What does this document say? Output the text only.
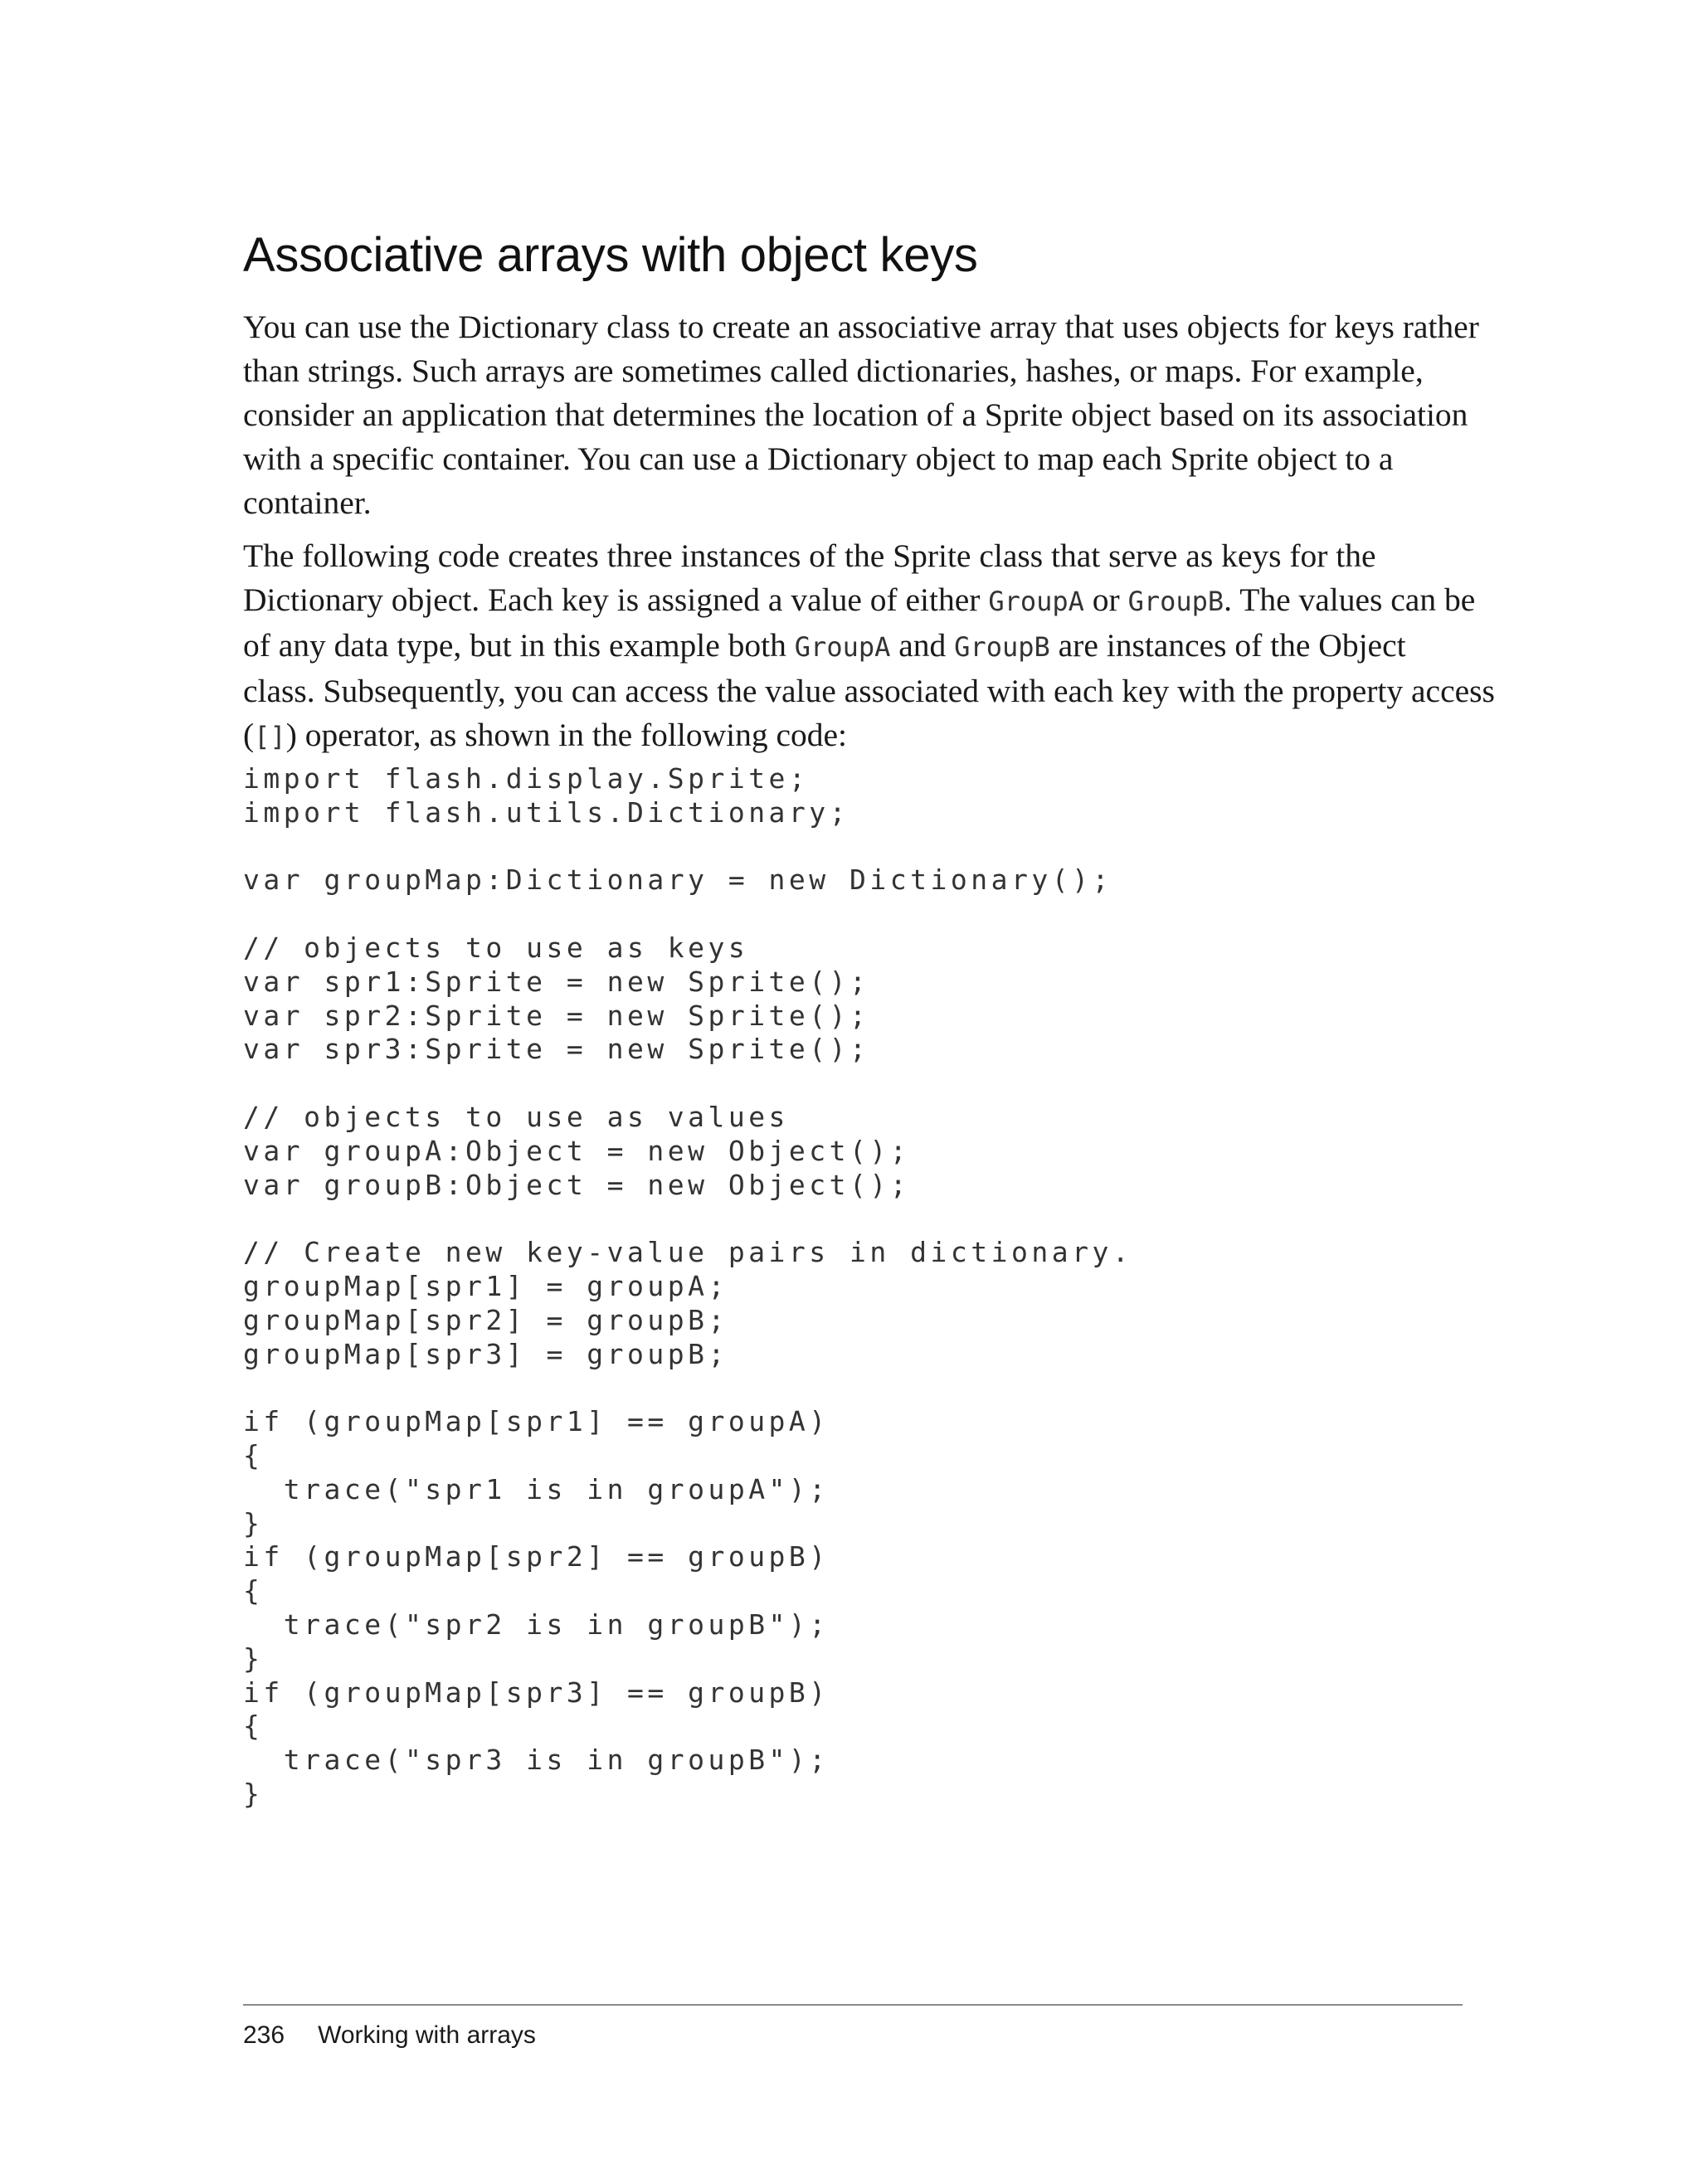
Associative arrays with object keys

You can use the Dictionary class to create an associative array that uses objects for keys rather
than strings. Such arrays are sometimes called dictionaries, hashes, or maps. For example,
consider an application that determines the location of a Sprite object based on its association
with a specific container. You can use a Dictionary object to map each Sprite object to a
container.

The following code creates three instances of the Sprite class that serve as keys for the
Dictionary object. Each key is assigned a value of either GroupA or GroupB. The values can be
of any data type, but in this example both GroupA and GroupB are instances of the Object
class. Subsequently, you can access the value associated with each key with the property access
([]) operator, as shown in the following code:

import flash.display.Sprite;
import flash.utils.Dictionary;
var groupMap:Dictionary = new Dictionary();
// objects to use as keys
var spr1:Sprite = new Sprite();
var spr2:Sprite = new Sprite();
var spr3:Sprite = new Sprite();
// objects to use as values
var groupA:Object = new Object();
var groupB:Object = new Object();
// Create new key-value pairs in dictionary.
groupMap[spr1] = groupA;
groupMap[spr2] = groupB;
groupMap[spr3] = groupB;
if (groupMap[spr1] == groupA)
{
trace("spr1 is in groupA");
}
if (groupMap[spr2] == groupB)
{
trace("spr2 is in groupB");
}
if (groupMap[spr3] == groupB)
{
trace("spr3 is in groupB");
}
236 Working with arrays
